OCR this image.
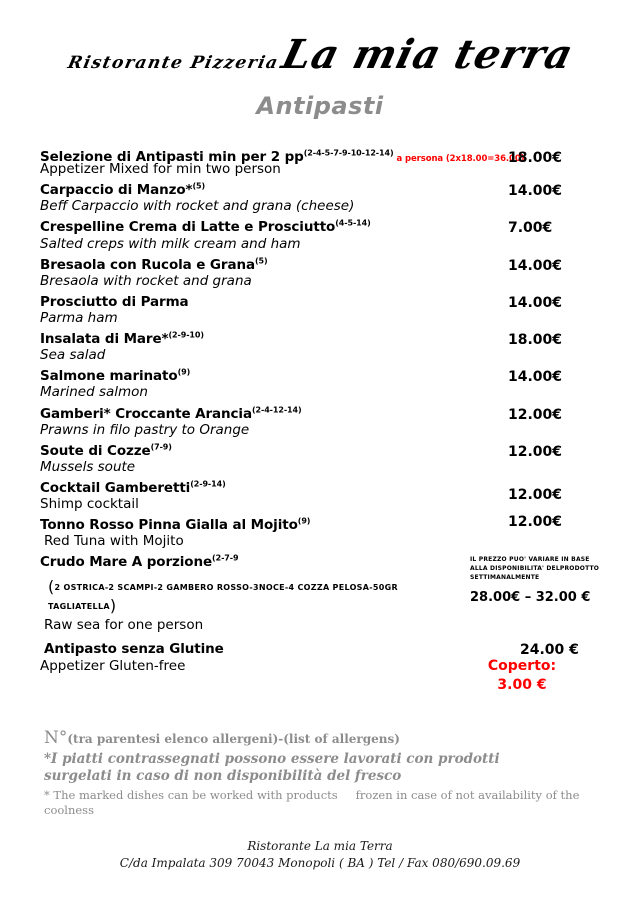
Ristorante Pizzeria La mia terra
Antipasti
Selezione di Antipasti min per 2 $pp^{(2-4-5-7-9-10-12-14)}a$ persona (2x18.00=36.00)
Appetizer Mixed for min two person
18.00€
Carpaccio di Manzo*$^{(5)}$
Beff Carpaccio with rocket and grana (cheese)
14.00€
Crespelline Crema di Latte e Prosciutto$^{(4-5-14)}$
Salted creps with milk cream and ham
7.00€
Bresaola con Rucola e Grana$^{(5)}$
Bresaola with rocket and grana
14.00€
Prosciutto di Parma
Parma ham
14.00€
Insalata di Mare*$^{(2-9-10)}$
Sea salad
18.00€
Salmone marinato$^{(9)}$
Marined salmon
14.00€
Gamberi* Croccante Arancia$^{(2-4-12-14)}$
Prawns in filo pastry to Orange
12.00€
Soute di Cozze$^{(7-9)}$
Mussels soute
12.00€
Cocktail Gamberetti$^{(2-9-14)}$
Shimp cocktail
12.00€
Tonno Rosso Pinna Gialla al Mojito$^{(9)}$
Red Tuna with Mojito
12.00€
Crudo Mare A porzione$^{(2-7-9}$
(2 OSTRICA-2 SCAMPI-2 GAMBERO ROSSO-3NOCE-4 COZZA PELOSA-50GR TAGLIATELLA)
Raw sea for one person
IL PREZZO PUO' VARIARE IN BASE ALLA DISPONIBILITA' DELPRODOTTO SETTIMANALMENTE
28.00€ – 32.00 €
Antipasto senza Glutine
Appetizer Gluten-free
24.00 €
Coperto:
3.00 €
N°(tra parentesi elenco allergeni)-(list of allergens)
*I piatti contrassegnati possono essere lavorati con prodotti surgelati in caso di non disponibilità del fresco
* The marked dishes can be worked with products frozen in case of not availability of the coolness
Ristorante La mia Terra
C/da Impalata 309 70043 Monopoli ( BA ) Tel / Fax 080/690.09.69
